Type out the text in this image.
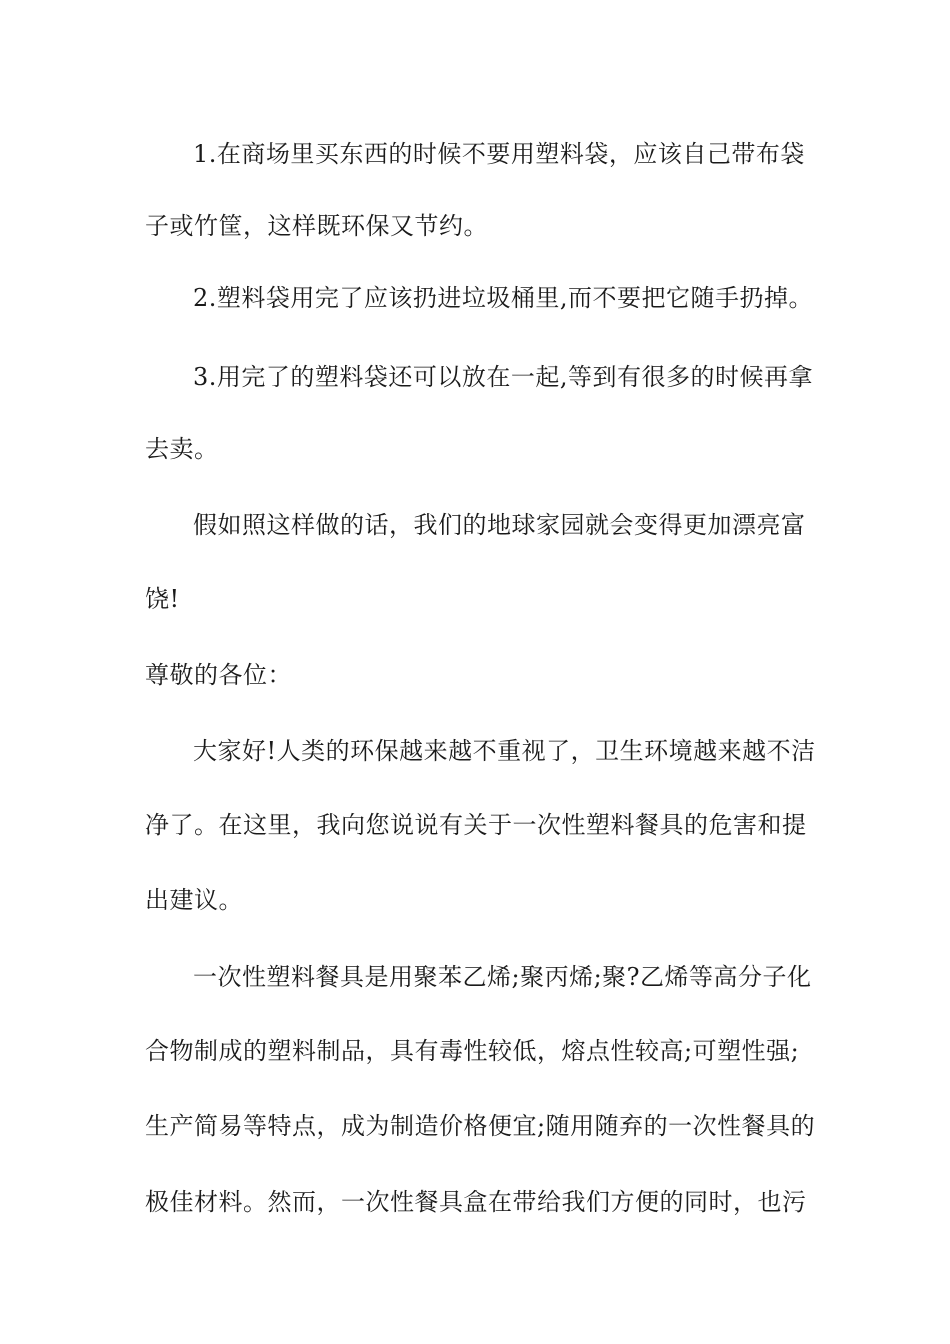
1.在商场里买东西的时候不要用塑料袋，应该自己带布袋

子或竹筐，这样既环保又节约。

2.塑料袋用完了应该扔进垃圾桶里,而不要把它随手扔掉。

3.用完了的塑料袋还可以放在一起,等到有很多的时候再拿

去卖。

假如照这样做的话，我们的地球家园就会变得更加漂亮富

饶!

尊敬的各位：

大家好!人类的环保越来越不重视了，卫生环境越来越不洁

净了。在这里，我向您说说有关于一次性塑料餐具的危害和提

出建议。

一次性塑料餐具是用聚苯乙烯;聚丙烯;聚?乙烯等高分子化

合物制成的塑料制品，具有毒性较低，熔点性较高;可塑性强;

生产简易等特点，成为制造价格便宜;随用随弃的一次性餐具的

极佳材料。然而，一次性餐具盒在带给我们方便的同时，也污
